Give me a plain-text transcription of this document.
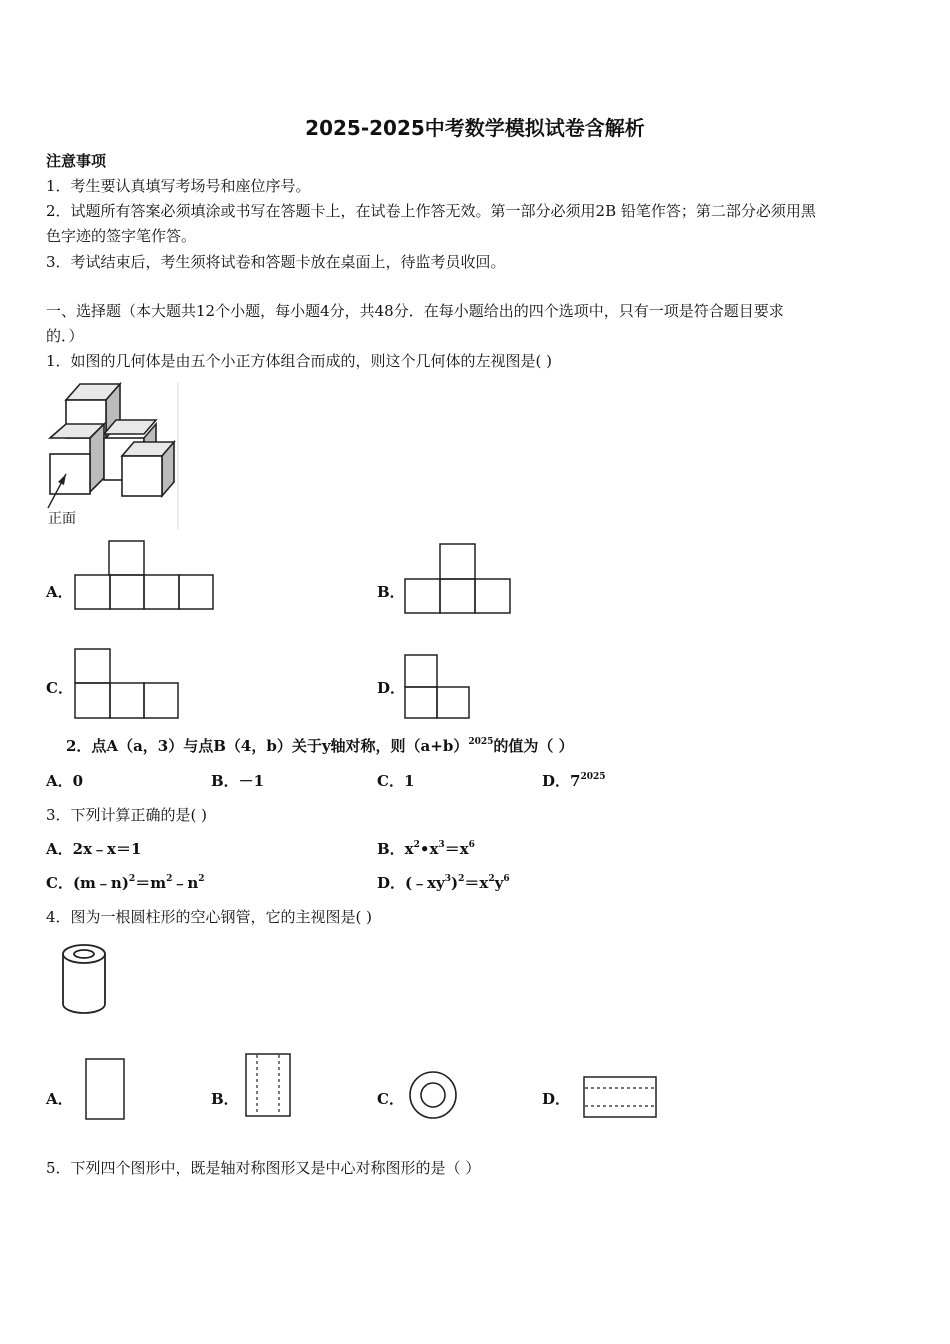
2025-2025中考数学模拟试卷含解析
注意事项
1．考生要认真填写考场号和座位序号。
2．试题所有答案必须填涂或书写在答题卡上，在试卷上作答无效。第一部分必须用2B 铅笔作答；第二部分必须用黑
色字迹的签字笔作答。
3．考试结束后，考生须将试卷和答题卡放在桌面上，待监考员收回。
一、选择题（本大题共12个小题，每小题4分，共48分．在每小题给出的四个选项中，只有一项是符合题目要求
的．）
1．如图的几何体是由五个小正方体组合而成的，则这个几何体的左视图是( )
正面
A．	B．
C．	D．
2．点A（a，3）与点B（4，b）关于y轴对称，则$(a+b)^{2025}$的值为（ ）
A．0	B．－1	C．1	D．$7^{2025}$
3．下列计算正确的是( )
A．2x﹣x＝1	B．$x^2•x^3=x^6$
C．$(m﹣n)^2=m^2﹣n^2$	D．$(﹣xy^3)^2=x^2y^6$
4．图为一根圆柱形的空心钢管，它的主视图是( )
A．	B．	C．	D．
5．下列四个图形中，既是轴对称图形又是中心对称图形的是（ ）
